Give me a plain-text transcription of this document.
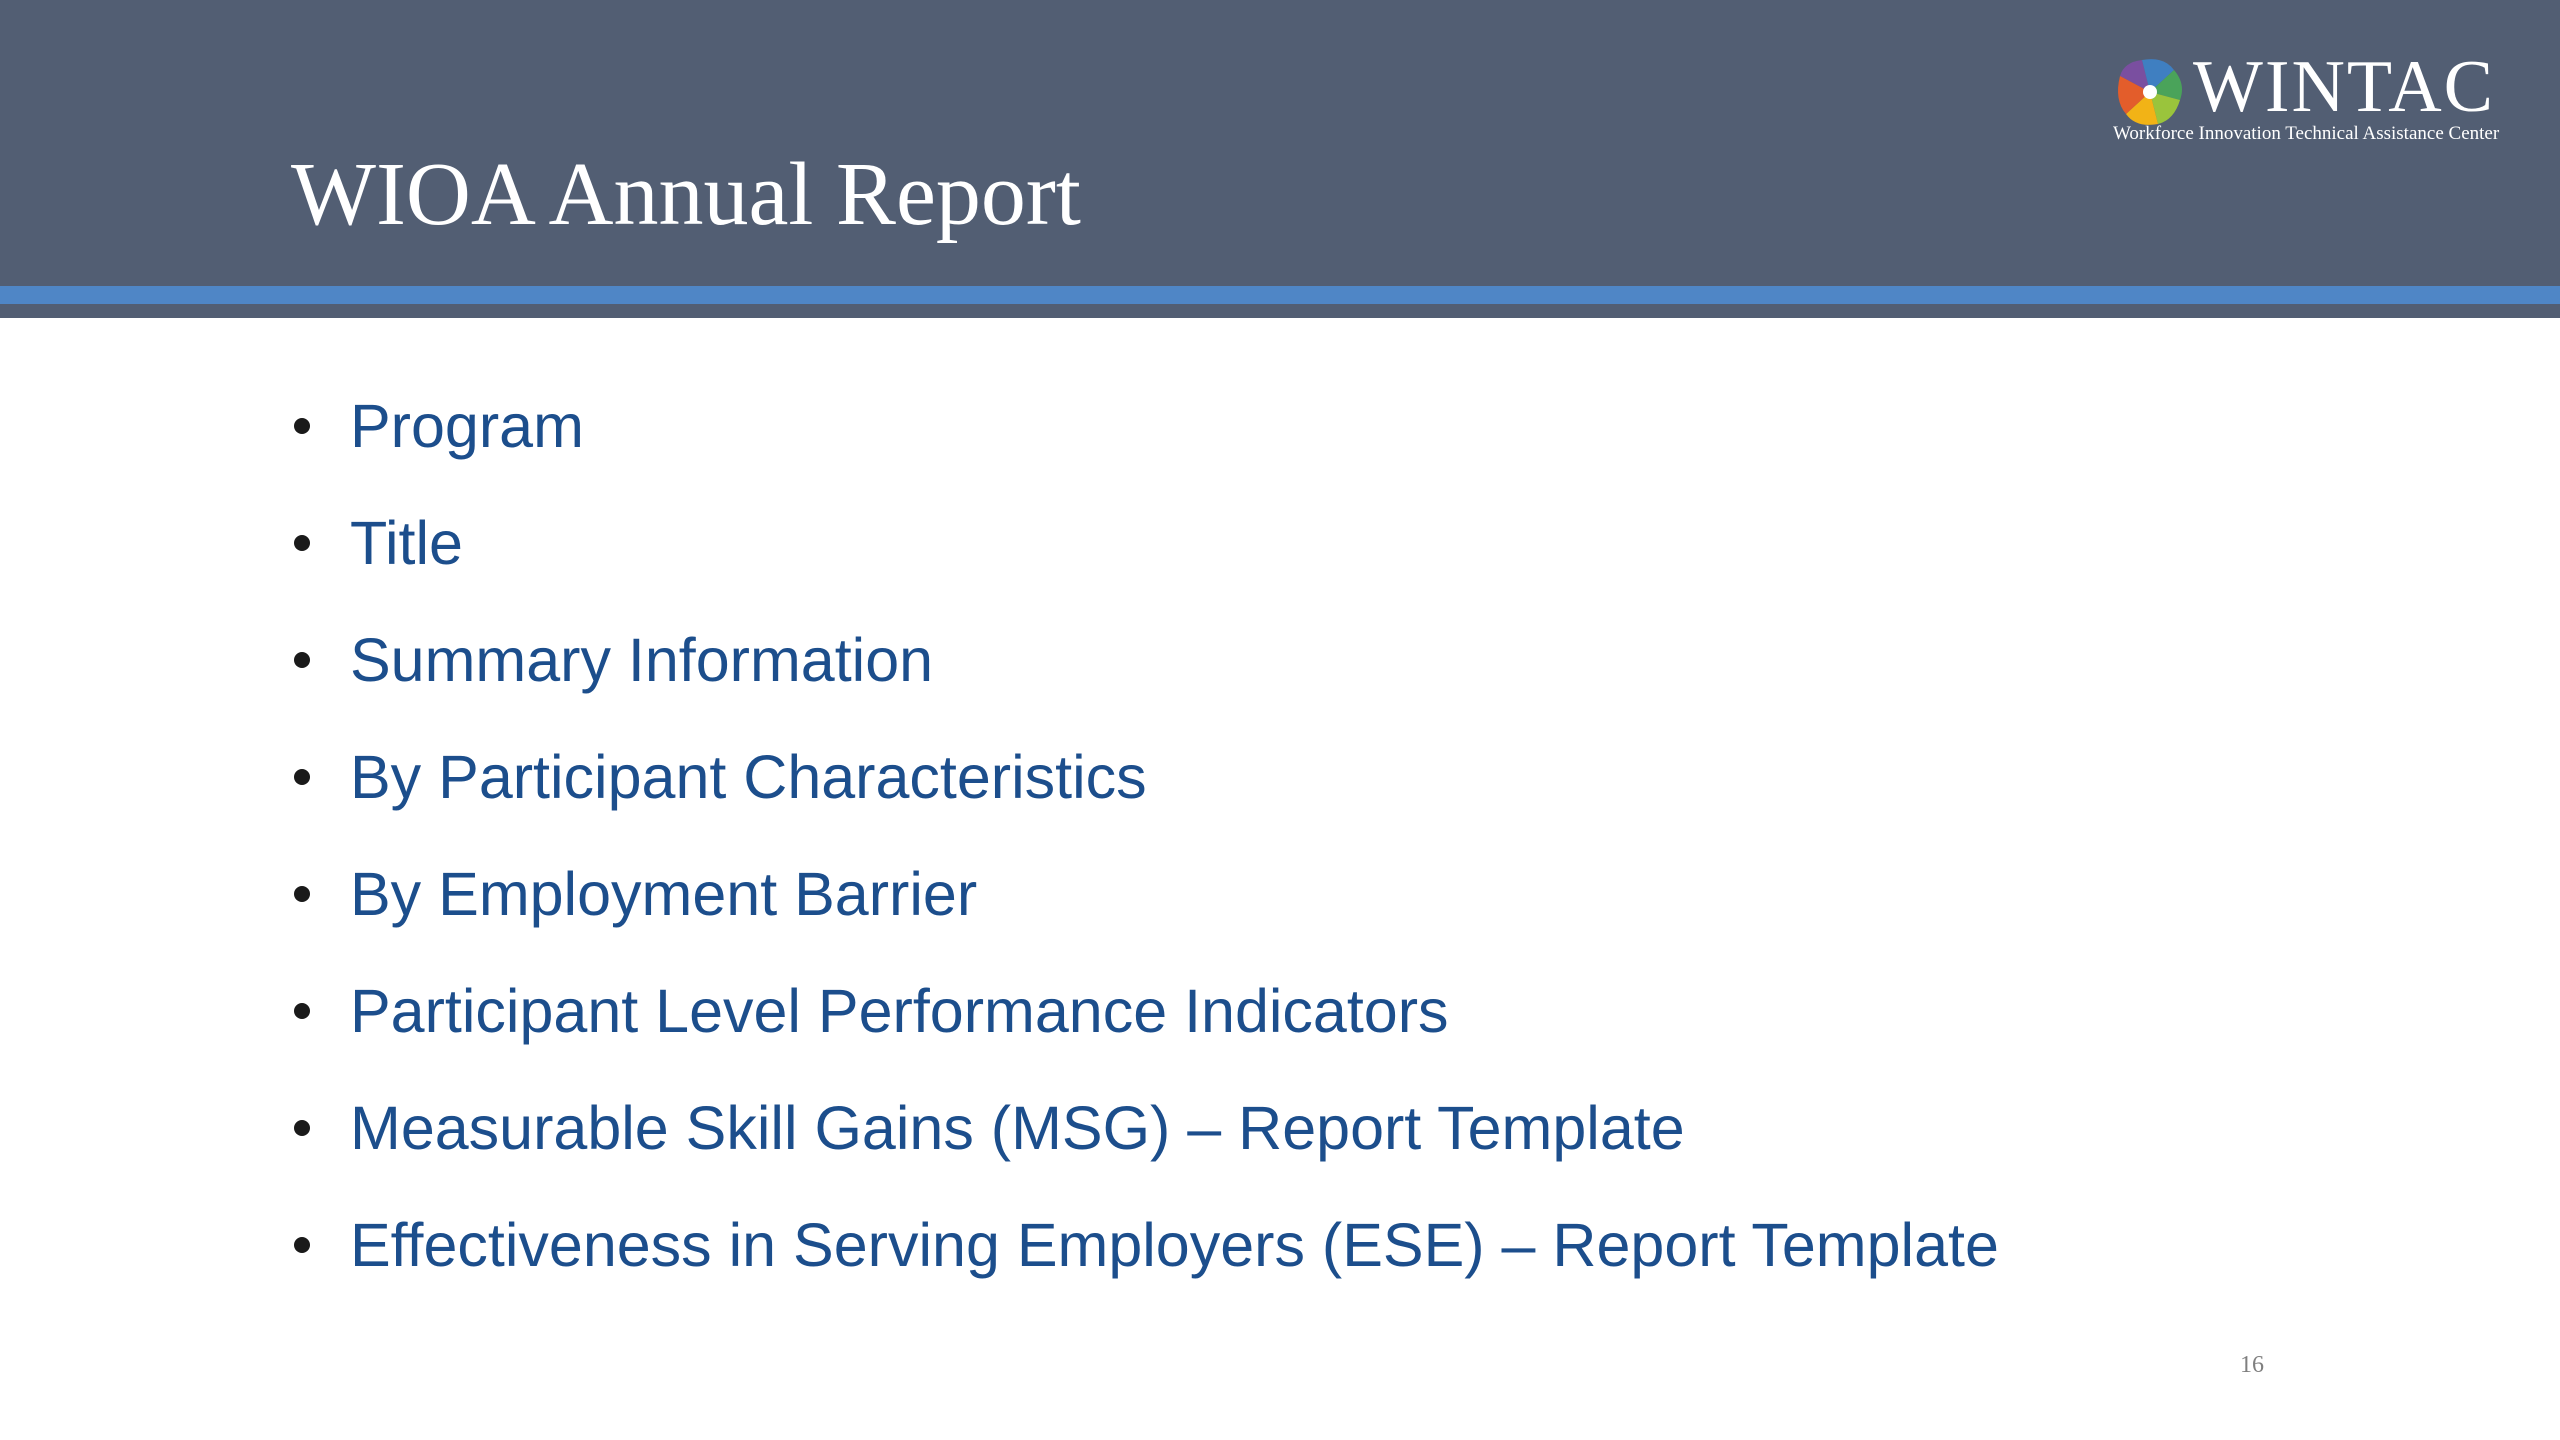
WIOA Annual Report
WINTAC
Workforce Innovation Technical Assistance Center
Program
Title
Summary Information
By Participant Characteristics
By Employment Barrier
Participant Level Performance Indicators
Measurable Skill Gains (MSG) – Report Template
Effectiveness in Serving Employers (ESE) – Report Template
16
